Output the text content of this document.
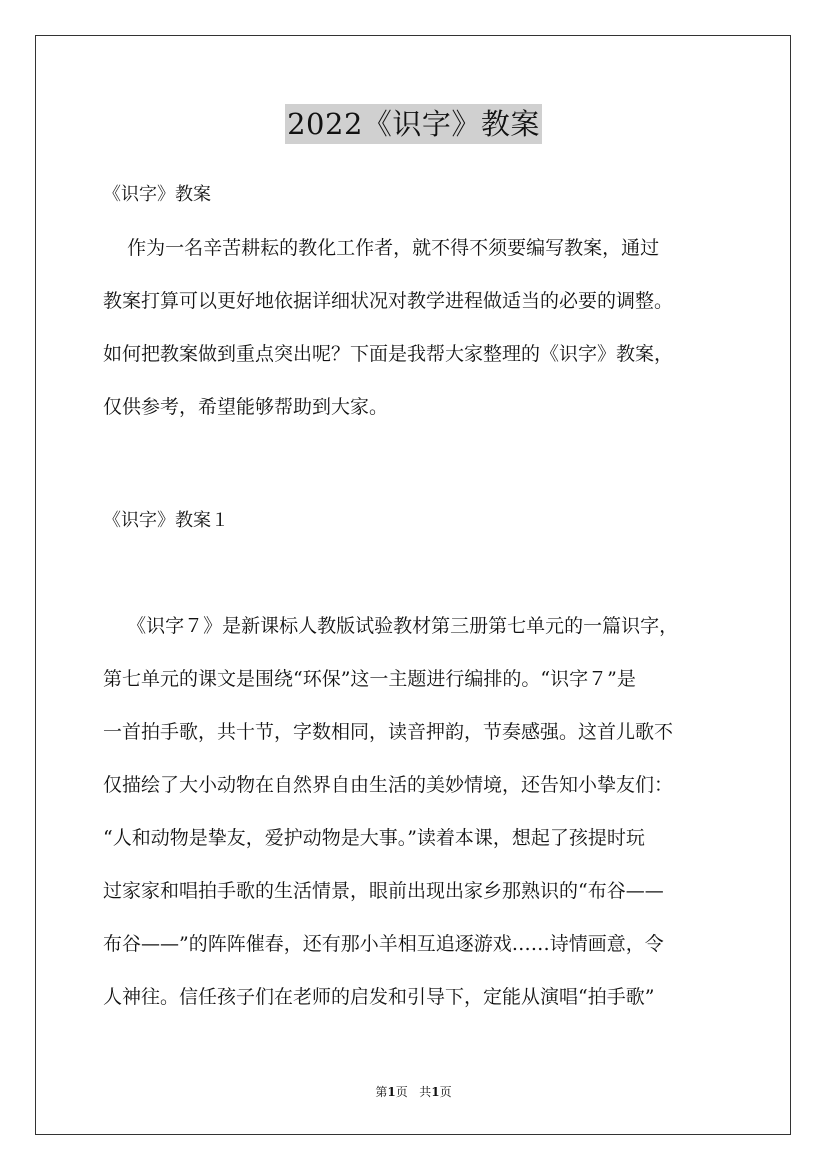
2022《识字》教案
《识字》教案
作为一名辛苦耕耘的教化工作者，就不得不须要编写教案，通过
教案打算可以更好地依据详细状况对教学进程做适当的必要的调整。
如何把教案做到重点突出呢？下面是我帮大家整理的《识字》教案，
仅供参考，希望能够帮助到大家。
《识字》教案１
《识字７》是新课标人教版试验教材第三册第七单元的一篇识字，
第七单元的课文是围绕“环保”这一主题进行编排的。“识字７”是
一首拍手歌，共十节，字数相同，读音押韵，节奏感强。这首儿歌不
仅描绘了大小动物在自然界自由生活的美妙情境，还告知小挚友们：
“人和动物是挚友，爱护动物是大事。”读着本课，想起了孩提时玩
过家家和唱拍手歌的生活情景，眼前出现出家乡那熟识的“布谷——
布谷——”的阵阵催春，还有那小羊相互追逐游戏……诗情画意，令
人神往。信任孩子们在老师的启发和引导下，定能从演唱“拍手歌”
第1页 共1页
